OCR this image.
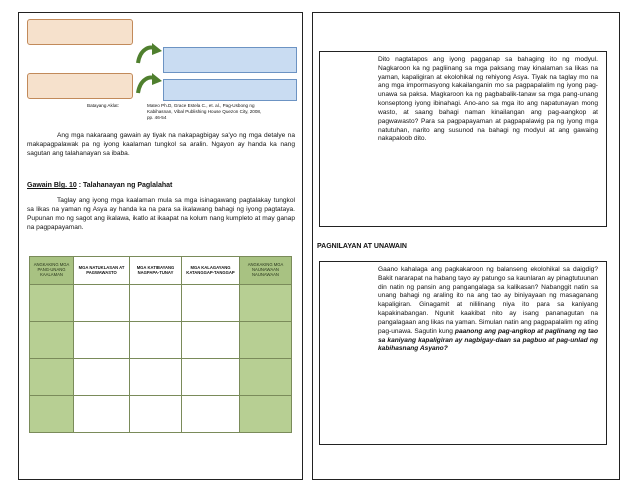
Batayang Aklat:	Mateo Ph.D, Grace Estela C., et. al., Pag-Usbong ng Kabihasnan, Vibal Publishing House Quezon City, 2008, pp. 46-54
Ang mga nakaraang gawain ay tiyak na nakapagbigay sa'yo ng mga detalye na makapagpalawak pa ng iyong kaalaman tungkol sa aralin. Ngayon ay handa ka nang sagutan ang talahanayan sa ibaba.
Gawain Blg. 10 : Talahanayan ng Paglalahat
Taglay ang iyong mga kaalaman mula sa mga isinagawang pagtalakay tungkol sa likas na yaman ng Asya ay handa ka na para sa ikalawang bahagi ng iyong pagtatayа. Pupunan mo ng sagot ang ikalawa, ikatlo at ikaapat na kolum nang kumpleto at may ganap na pagpapayaman.
ANGKAKING MGA PANG-UNANG KAALAMAN	MGA NATUKLASAN AT PAGWAWASTO	MGA KATIBAYANG NAGPAPA-TUNAY	MGA KALAGAYANG KATANGGAP-TANGGAP	ANGKAKING MGA NAUNAWAAN NAUNAWAAN

Dito nagtatapos ang iyong pagganap sa bahaging ito ng modyul. Nagkaroon ka ng pagliinang sa mga paksang may kinalaman sa likas na yaman, kapaligiran at ekolohikal ng rehiyong Asya. Tiyak na taglay mo na ang mga impormasyong kakailanganin mo sa pagpapalalim ng iyong pag-unawa sa paksa. Magkaroon ka ng pagbabalik-tanaw sa mga pang-unang konseptong iyong ibinahagi. Ano-ano sa mga ito ang napatunayan mong wasto, at saang bahagi naman kinailangan ang pag-aangkop at pagwawasto? Para sa pagpapayaman at pagpapalawig pa ng iyong mga natutuhan, narito ang susunod na bahagi ng modyul at ang gawaing nakapaloob dito.
PAGNILAYAN AT UNAWAIN
Gaano kahalaga ang pagkakaroon ng balanseng ekolohikal sa daigdig? Bakit nararapat na habang tayo ay patungo sa kaunlaran ay pinagtutuunan din natin ng pansin ang pangangalaga sa kalikasan? Nabanggit natin sa unang bahagi ng araling ito na ang tao ay biniyayaan ng masaganang kapaligiran. Ginagamit at nililinang niya ito para sa kaniyang kapakinabangan. Ngunit kaakibat nito ay isang pananagutan na pangalagaan ang likas na yaman. Simulan natin ang pagpapalalim ng ating pag-unawa. Sagutin kung paanong ang pag-angkop at paglinang ng tao sa kaniyang kapaligiran ay nagbigay-daan sa pagbuo at pag-unlad ng kabihasnang Asyano?
